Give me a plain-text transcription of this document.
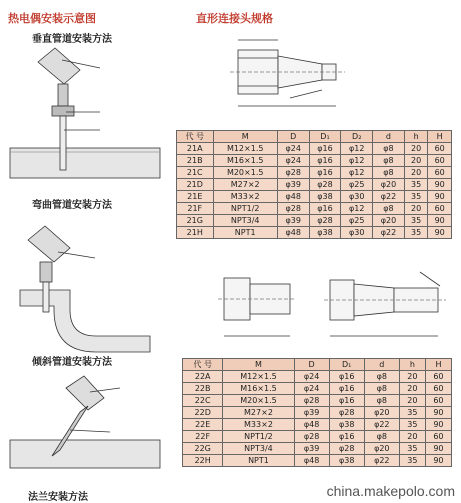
热电偶安装示意图	直形连接头规格
垂直管道安装方法
弯曲管道安装方法
倾斜管道安装方法
法兰安装方法
代 号	M	D	D₁	D₂	d	h	H
21A	M12×1.5	φ24	φ16	φ12	φ8	20	60
21B	M16×1.5	φ24	φ16	φ12	φ8	20	60
21C	M20×1.5	φ28	φ16	φ12	φ8	20	60
21D	M27×2	φ39	φ28	φ25	φ20	35	90
21E	M33×2	φ48	φ38	φ30	φ22	35	90
21F	NPT1/2	φ28	φ16	φ12	φ8	20	60
21G	NPT3/4	φ39	φ28	φ25	φ20	35	90
21H	NPT1	φ48	φ38	φ30	φ22	35	90
代 号	M	D	D₁	d	h	H
22A	M12×1.5	φ24	φ16	φ8	20	60
22B	M16×1.5	φ24	φ16	φ8	20	60
22C	M20×1.5	φ28	φ16	φ8	20	60
22D	M27×2	φ39	φ28	φ20	35	90
22E	M33×2	φ48	φ38	φ22	35	90
22F	NPT1/2	φ28	φ16	φ8	20	60
22G	NPT3/4	φ39	φ28	φ20	35	90
22H	NPT1	φ48	φ38	φ22	35	90
china.makepolo.com
